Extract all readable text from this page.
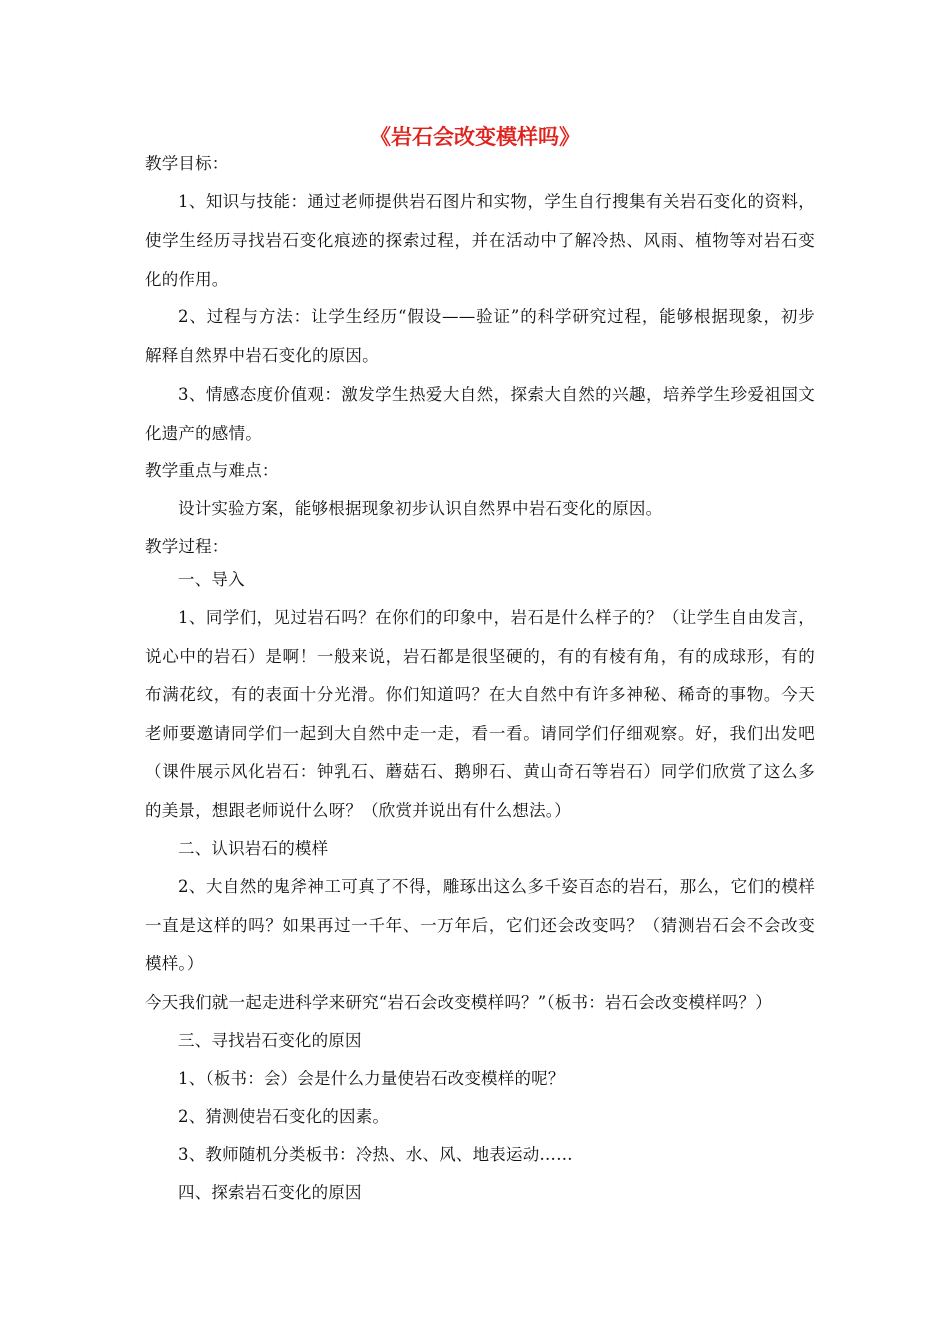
《岩石会改变模样吗》
教学目标：
1、知识与技能：通过老师提供岩石图片和实物，学生自行搜集有关岩石变化的资料，
使学生经历寻找岩石变化痕迹的探索过程，并在活动中了解冷热、风雨、植物等对岩石变
化的作用。
2、过程与方法：让学生经历“假设——验证”的科学研究过程，能够根据现象，初步
解释自然界中岩石变化的原因。
3、情感态度价值观：激发学生热爱大自然，探索大自然的兴趣，培养学生珍爱祖国文
化遗产的感情。
教学重点与难点：
设计实验方案，能够根据现象初步认识自然界中岩石变化的原因。
教学过程：
一、导入
1、同学们，见过岩石吗？在你们的印象中，岩石是什么样子的？（让学生自由发言，
说心中的岩石）是啊！一般来说，岩石都是很坚硬的，有的有棱有角，有的成球形，有的
布满花纹，有的表面十分光滑。你们知道吗？在大自然中有许多神秘、稀奇的事物。今天
老师要邀请同学们一起到大自然中走一走，看一看。请同学们仔细观察。好，我们出发吧
（课件展示风化岩石：钟乳石、蘑菇石、鹅卵石、黄山奇石等岩石）同学们欣赏了这么多
的美景，想跟老师说什么呀？（欣赏并说出有什么想法。）
二、认识岩石的模样
2、大自然的鬼斧神工可真了不得，雕琢出这么多千姿百态的岩石，那么，它们的模样
一直是这样的吗？如果再过一千年、一万年后，它们还会改变吗？（猜测岩石会不会改变
模样。）
今天我们就一起走进科学来研究“岩石会改变模样吗？”（板书：岩石会改变模样吗？）
三、寻找岩石变化的原因
1、（板书：会）会是什么力量使岩石改变模样的呢？
2、猜测使岩石变化的因素。
3、教师随机分类板书：冷热、水、风、地表运动……
四、探索岩石变化的原因
